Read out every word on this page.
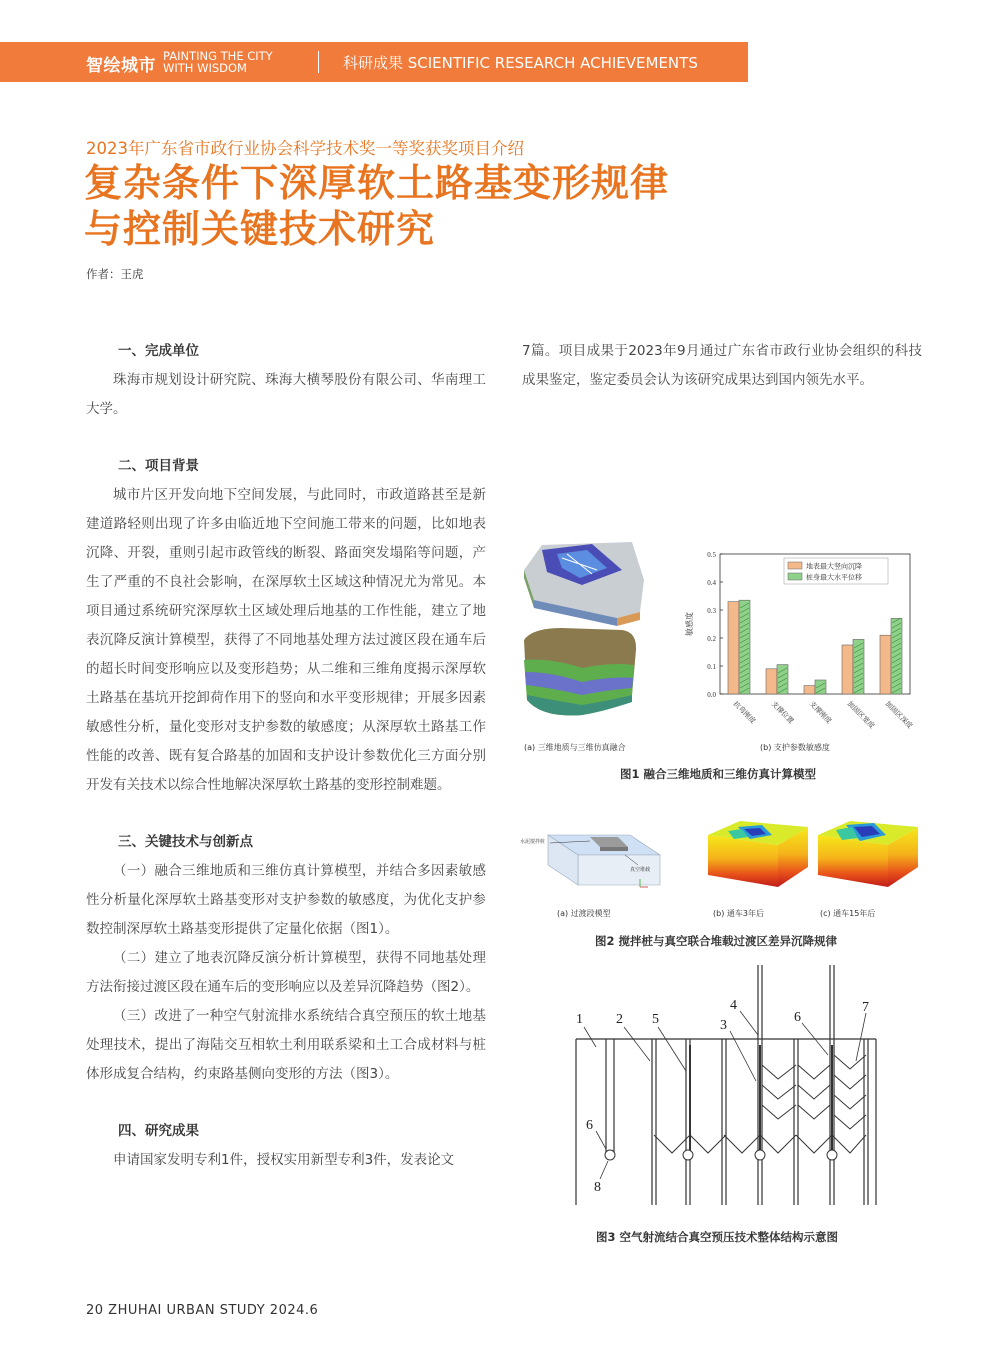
智绘城市 PAINTING THE CITY WITH WISDOM	科研成果 SCIENTIFIC RESEARCH ACHIEVEMENTS
2023年广东省市政行业协会科学技术奖一等奖获奖项目介绍
复杂条件下深厚软土路基变形规律
与控制关键技术研究
作者：王虎
一、完成单位

珠海市规划设计研究院、珠海大横琴股份有限公司、华南理工大学。

二、项目背景

城市片区开发向地下空间发展，与此同时，市政道路甚至是新建道路轻则出现了许多由临近地下空间施工带来的问题，比如地表沉降、开裂，重则引起市政管线的断裂、路面突发塌陷等问题，产生了严重的不良社会影响，在深厚软土区域这种情况尤为常见。本项目通过系统研究深厚软土区域处理后地基的工作性能，建立了地表沉降反演计算模型，获得了不同地基处理方法过渡区段在通车后的超长时间变形响应以及变形趋势；从二维和三维角度揭示深厚软土路基在基坑开挖卸荷作用下的竖向和水平变形规律；开展多因素敏感性分析，量化变形对支护参数的敏感度；从深厚软土路基工作性能的改善、既有复合路基的加固和支护设计参数优化三方面分别开发有关技术以综合性地解决深厚软土路基的变形控制难题。

三、关键技术与创新点

（一）融合三维地质和三维仿真计算模型，并结合多因素敏感性分析量化深厚软土路基变形对支护参数的敏感度，为优化支护参数控制深厚软土路基变形提供了定量化依据（图1）。

（二）建立了地表沉降反演分析计算模型，获得不同地基处理方法衔接过渡区段在通车后的变形响应以及差异沉降趋势（图2）。

（三）改进了一种空气射流排水系统结合真空预压的软土地基处理技术，提出了海陆交互相软土利用联系梁和土工合成材料与桩体形成复合结构，约束路基侧向变形的方法（图3）。

四、研究成果

申请国家发明专利1件，授权实用新型专利3件，发表论文

7篇。项目成果于2023年9月通过广东省市政行业协会组织的科技成果鉴定，鉴定委员会认为该研究成果达到国内领先水平。

(a) 三维地质与三维仿真融合
0.0
0.1
0.2
0.3
0.4
0.5
敏感度
抗弯刚度 支撑位置 支撑刚度 加固区宽度 加固区深度
地表最大竖向沉降
桩身最大水平位移
(b) 支护参数敏感度
图1 融合三维地质和三维仿真计算模型
水泥搅拌桩
真空堆载
(a) 过渡段模型	(b) 通车3年后	(c) 通车15年后
图2 搅拌桩与真空联合堆载过渡区差异沉降规律
1 2 5
4
3
6
7
6
8
图3 空气射流结合真空预压技术整体结构示意图
20 ZHUHAI URBAN STUDY 2024.6
